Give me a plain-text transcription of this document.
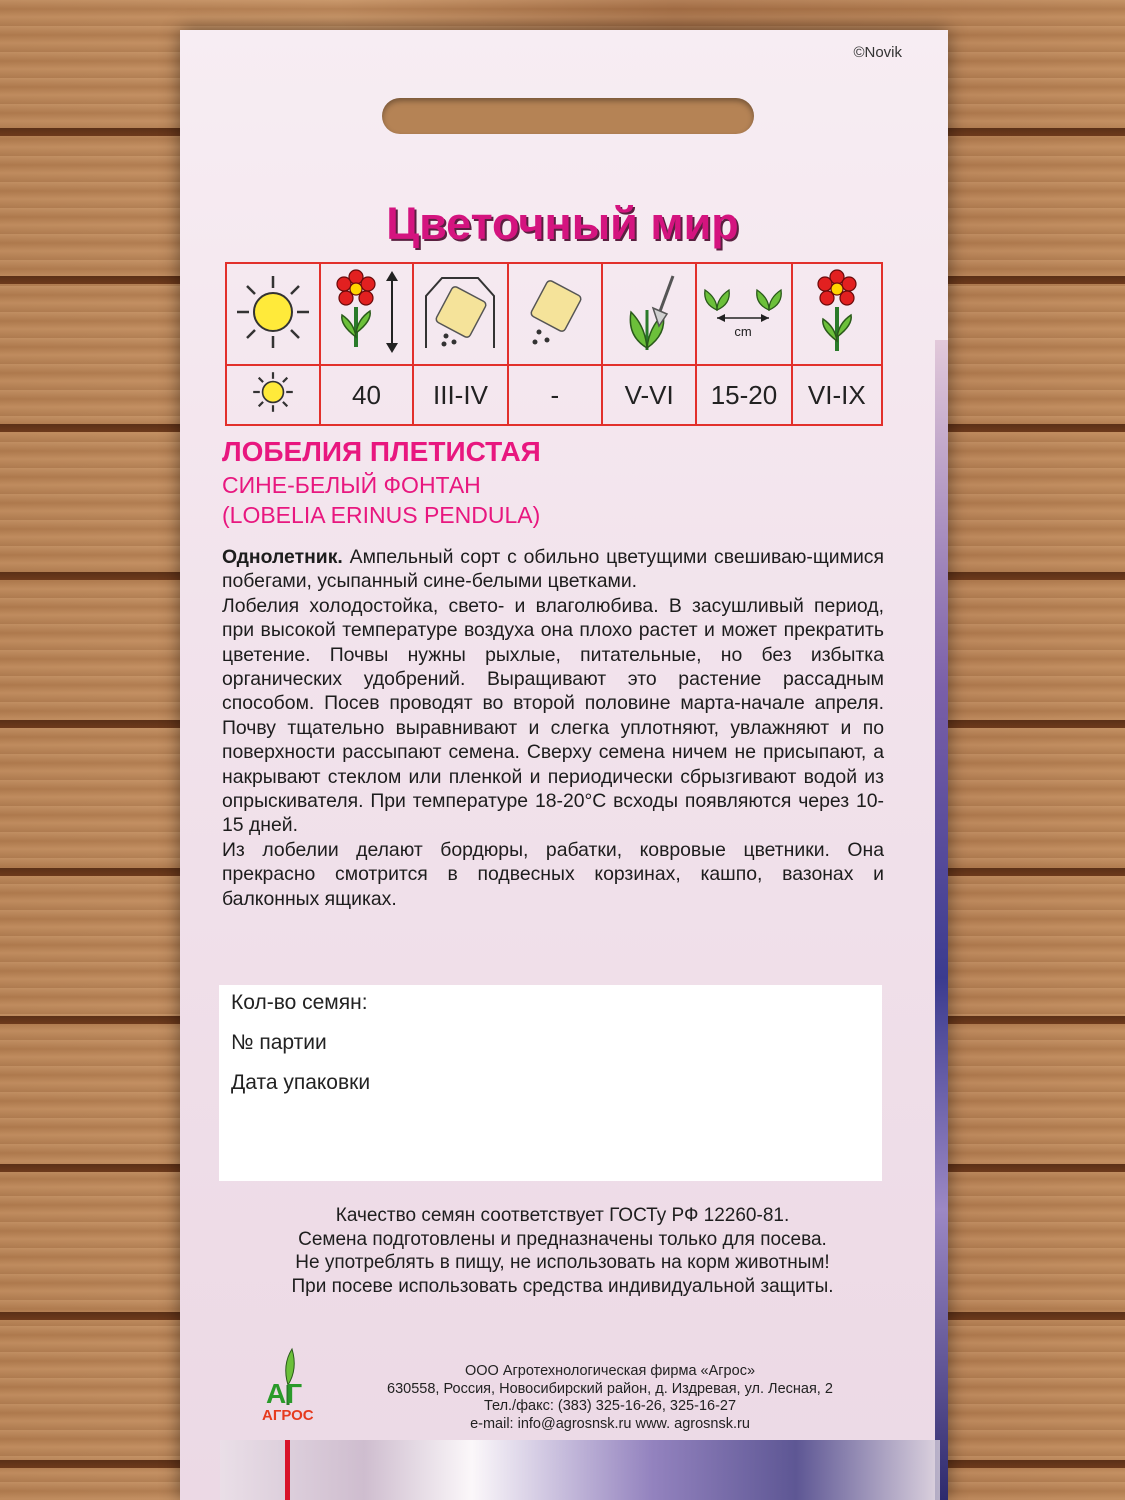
©Novik
Цветочный мир

cm

	40	III-IV	-	V-VI	15-20	VI-IX
ЛОБЕЛИЯ ПЛЕТИСТАЯ
СИНЕ-БЕЛЫЙ ФОНТАН
(LOBELIA ERINUS PENDULA)

Однолетник. Ампельный сорт с обильно цветущими свешиваю-щимися побегами, усыпанный сине-белыми цветками.

Лобелия холодостойка, свето- и влаголюбива. В засушливый период, при высокой температуре воздуха она плохо растет и может прекратить цветение. Почвы нужны рыхлые, питательные, но без избытка органических удобрений. Выращивают это растение рассадным способом. Посев проводят во второй половине марта-начале апреля. Почву тщательно выравнивают и слегка уплотняют, увлажняют и по поверхности рассыпают семена. Сверху семена ничем не присыпают, а накрывают стеклом или пленкой и периодически сбрызгивают водой из опрыскивателя. При температуре 18-20°С всходы появляются через 10-15 дней.

Из лобелии делают бордюры, рабатки, ковровые цветники. Она прекрасно смотрится в подвесных корзинах, кашпо, вазонах и балконных ящиках.

Кол-во семян:
№ партии
Дата упаковки
Качество семян соответствует ГОСТу РФ 12260-81.
Семена подготовлены и предназначены только для посева.
Не употреблять в пищу, не использовать на корм животным!
При посеве использовать средства индивидуальной защиты.
АГ
АГРОС
ООО Агротехнологическая фирма «Агрос»
630558, Россия, Новосибирский район, д. Издревая, ул. Лесная, 2
Тел./факс: (383) 325-16-26, 325-16-27
e-mail: info@agrosnsk.ru www. agrosnsk.ru
